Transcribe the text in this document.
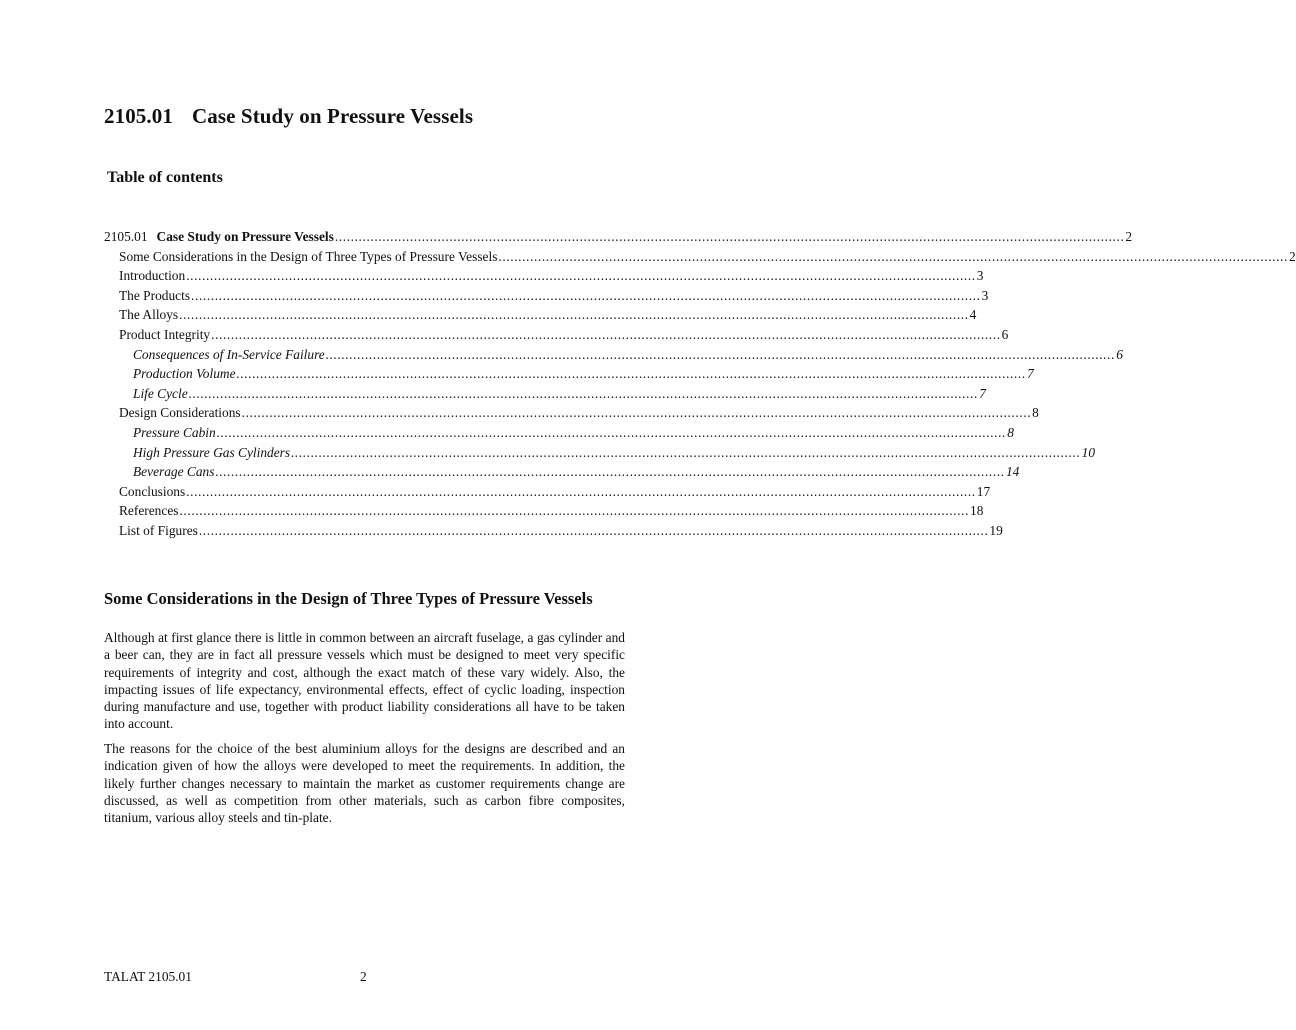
2105.01 Case Study on Pressure Vessels
Table of contents
2105.01 Case Study on Pressure Vessels ........................................................................................................................................................................................................ 2
Some Considerations in the Design of Three Types of Pressure Vessels ........................................................................................................................................................................................................ 2
Introduction ........................................................................................................................................................................................................ 3
The Products ........................................................................................................................................................................................................ 3
The Alloys ........................................................................................................................................................................................................ 4
Product Integrity ........................................................................................................................................................................................................ 6
Consequences of In-Service Failure ........................................................................................................................................................................................................ 6
Production Volume ........................................................................................................................................................................................................ 7
Life Cycle ........................................................................................................................................................................................................ 7
Design Considerations ........................................................................................................................................................................................................ 8
Pressure Cabin ........................................................................................................................................................................................................ 8
High Pressure Gas Cylinders ........................................................................................................................................................................................................ 10
Beverage Cans ........................................................................................................................................................................................................ 14
Conclusions ........................................................................................................................................................................................................ 17
References ........................................................................................................................................................................................................ 18
List of Figures ........................................................................................................................................................................................................ 19
Some Considerations in the Design of Three Types of Pressure Vessels
Although at first glance there is little in common between an aircraft fuselage, a gas cylinder and a beer can, they are in fact all pressure vessels which must be designed to meet very specific requirements of integrity and cost, although the exact match of these vary widely. Also, the impacting issues of life expectancy, environmental effects, effect of cyclic loading, inspection during manufacture and use, together with product liability considerations all have to be taken into account.
The reasons for the choice of the best aluminium alloys for the designs are described and an indication given of how the alloys were developed to meet the requirements. In addition, the likely further changes necessary to maintain the market as customer requirements change are discussed, as well as competition from other materials, such as carbon fibre composites, titanium, various alloy steels and tin-plate.
TALAT 2105.01	2
